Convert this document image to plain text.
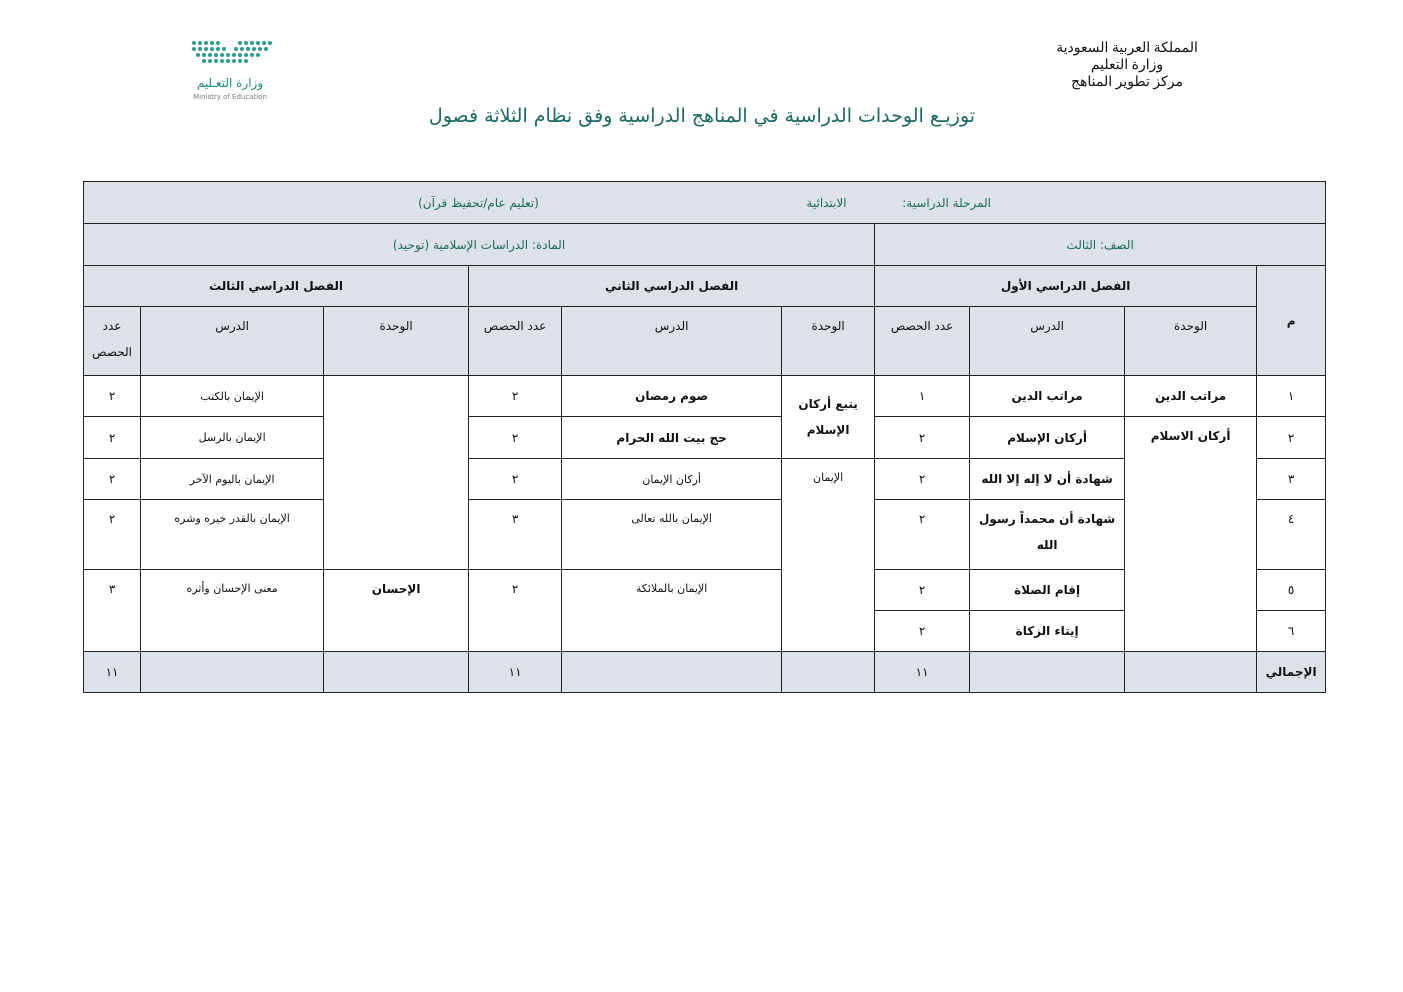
المملكة العربية السعودية
وزارة التعليم
مركز تطوير المناهج
وزارة التعـليم
Ministry of Education
توزيـع الوحدات الدراسية في المناهج الدراسية وفق نظام الثلاثة فصول
المرحلة الدراسية:  الابتدائية  (تعليم عام/تحفيظ قرآن)									
الصف: الثالث				المادة: الدراسات الإسلامية (توحيد)					
م	الفصل الدراسي الأول			الفصل الدراسي الثاني			الفصل الدراسي الثالث		
	الوحدة	الدرس	عدد الحصص	الوحدة	الدرس	عدد الحصص	الوحدة	الدرس	عدد
الحصص

١	مراتب الدين	مراتب الدين	١	يتبع أركان الإسلام	صوم رمضان	٢		الإيمان بالكتب	٢
٢	أركان الاسلام	أركان الإسلام	٢		حج بيت الله الحرام	٢		الإيمان بالرسل	٢
٣		شهادة أن لا إله إلا الله	٢	الإيمان	أركان الإيمان	٢		الإيمان باليوم الآخر	٢
٤		شهادة أن محمداً رسول الله	٢		الإيمان بالله تعالى	٣		الإيمان بالقدر خيره وشره	٢
٥		إقام الصلاة	٢		الإيمان بالملائكة	٢	الإحسان	معنى الإحسان وأثره	٣
٦		إيتاء الزكاة	٢						
الإجمالي			١١			١١			١١
